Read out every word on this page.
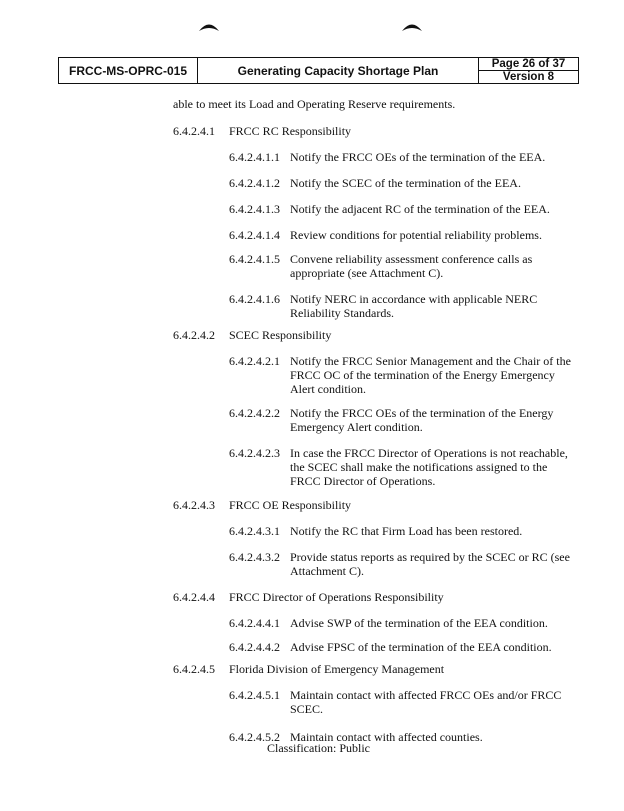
FRCC-MS-OPRC-015	Generating Capacity Shortage Plan	Page 26 of 37
Version 8
able to meet its Load and Operating Reserve requirements.
6.4.2.4.1 FRCC RC Responsibility
6.4.2.4.1.1 Notify the FRCC OEs of the termination of the EEA.
6.4.2.4.1.2 Notify the SCEC of the termination of the EEA.
6.4.2.4.1.3 Notify the adjacent RC of the termination of the EEA.
6.4.2.4.1.4 Review conditions for potential reliability problems.
6.4.2.4.1.5 Convene reliability assessment conference calls as
appropriate (see Attachment C).
6.4.2.4.1.6 Notify NERC in accordance with applicable NERC
Reliability Standards.
6.4.2.4.2 SCEC Responsibility
6.4.2.4.2.1 Notify the FRCC Senior Management and the Chair of the
FRCC OC of the termination of the Energy Emergency
Alert condition.
6.4.2.4.2.2 Notify the FRCC OEs of the termination of the Energy
Emergency Alert condition.
6.4.2.4.2.3 In case the FRCC Director of Operations is not reachable,
the SCEC shall make the notifications assigned to the
FRCC Director of Operations.
6.4.2.4.3 FRCC OE Responsibility
6.4.2.4.3.1 Notify the RC that Firm Load has been restored.
6.4.2.4.3.2 Provide status reports as required by the SCEC or RC (see
Attachment C).
6.4.2.4.4 FRCC Director of Operations Responsibility
6.4.2.4.4.1 Advise SWP of the termination of the EEA condition.
6.4.2.4.4.2 Advise FPSC of the termination of the EEA condition.
6.4.2.4.5 Florida Division of Emergency Management
6.4.2.4.5.1 Maintain contact with affected FRCC OEs and/or FRCC
SCEC.
6.4.2.4.5.2 Maintain contact with affected counties.
Classification: Public
